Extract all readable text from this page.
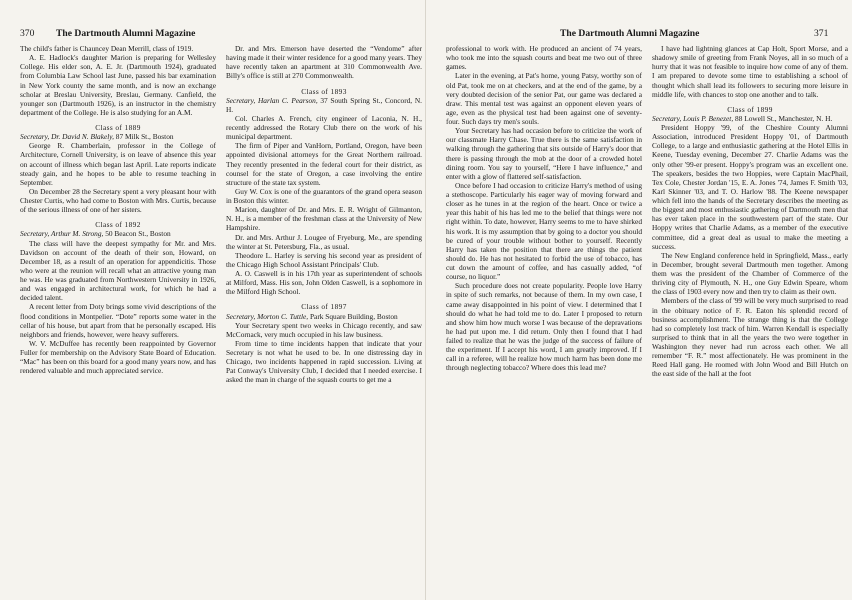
370 The Dartmouth Alumni Magazine

The child's father is Chauncey Dean Merrill, class of 1919.

A. E. Hadlock's daughter Marion is preparing for Wellesley College. His elder son, A. E. Jr. (Dartmouth 1924), graduated from Columbia Law School last June, passed his bar examination in New York county the same month, and is now an exchange scholar at Breslau University, Breslau, Germany. Canfield, the younger son (Dartmouth 1926), is an instructor in the chemistry department of the College. He is also studying for an A.M.

Class of 1889

Secretary, Dr. David N. Blakely, 87 Milk St., Boston

George R. Chamberlain, professor in the College of Architecture, Cornell University, is on leave of absence this year on account of illness which began last April. Late reports indicate steady gain, and he hopes to be able to resume teaching in September.

On December 28 the Secretary spent a very pleasant hour with Chester Curtis, who had come to Boston with Mrs. Curtis, because of the serious illness of one of her sisters.

Class of 1892

Secretary, Arthur M. Strong, 50 Beacon St., Boston

The class will have the deepest sympathy for Mr. and Mrs. Davidson on account of the death of their son, Howard, on December 18, as a result of an operation for appendicitis. Those who were at the reunion will recall what an attractive young man he was. He was graduated from Northwestern University in 1926, and was engaged in architectural work, for which he had a decided talent.

A recent letter from Doty brings some vivid descriptions of the flood conditions in Montpelier. “Dote” reports some water in the cellar of his house, but apart from that he personally escaped. His neighbors and friends, however, were heavy sufferers.

W. V. McDuffee has recently been reappointed by Governor Fuller for membership on the Advisory State Board of Education. “Mac” has been on this board for a good many years now, and has rendered valuable and much appreciated service.

Dr. and Mrs. Emerson have deserted the “Vendome” after having made it their winter residence for a good many years. They have recently taken an apartment at 310 Commonwealth Ave. Billy's office is still at 270 Commonwealth.

Class of 1893

Secretary, Harlan C. Pearson, 37 South Spring St., Concord, N. H.

Col. Charles A. French, city engineer of Laconia, N. H., recently addressed the Rotary Club there on the work of his municipal department.

The firm of Piper and VanHorn, Portland, Oregon, have been appointed divisional attorneys for the Great Northern railroad. They recently presented in the federal court for their district, as counsel for the state of Oregon, a case involving the entire structure of the state tax system.

Guy W. Cox is one of the guarantors of the grand opera season in Boston this winter.

Marion, daughter of Dr. and Mrs. E. R. Wright of Gilmanton, N. H., is a member of the freshman class at the University of New Hampshire.

Dr. and Mrs. Arthur J. Lougee of Fryeburg, Me., are spending the winter at St. Petersburg, Fla., as usual.

Theodore L. Harley is serving his second year as president of the Chicago High School Assistant Principals' Club.

A. O. Caswell is in his 17th year as superintendent of schools at Milford, Mass. His son, John Olden Caswell, is a sophomore in the Milford High School.

Class of 1897

Secretary, Morton C. Tuttle, Park Square Building, Boston

Your Secretary spent two weeks in Chicago recently, and saw McCornack, very much occupied in his law business.

From time to time incidents happen that indicate that your Secretary is not what he used to be. In one distressing day in Chicago, two incidents happened in rapid succession. Living at Pat Conway's University Club, I decided that I needed exercise. I asked the man in charge of the squash courts to get me a

The Dartmouth Alumni Magazine	371

professional to work with. He produced an ancient of 74 years, who took me into the squash courts and beat me two out of three games.

Later in the evening, at Pat's home, young Patsy, worthy son of old Pat, took me on at checkers, and at the end of the game, by a very doubted decision of the senior Pat, our game was declared a draw. This mental test was against an opponent eleven years of age, even as the physical test had been against one of seventy-four. Such days try men's souls.

Your Secretary has had occasion before to criticize the work of our classmate Harry Chase. True there is the same satisfaction in walking through the gathering that sits outside of Harry's door that there is passing through the mob at the door of a crowded hotel dining room. You say to yourself, “Here I have influence,” and enter with a glow of flattered self-satisfaction.

Once before I had occasion to criticize Harry's method of using a stethoscope. Particularly his eager way of moving forward and closer as he tunes in at the region of the heart. Once or twice a year this habit of his has led me to the belief that things were not right within. To date, however, Harry seems to me to have shirked his work. It is my assumption that by going to a doctor you should be cured of your trouble without bother to yourself. Recently Harry has taken the position that there are things the patient should do. He has not hesitated to forbid the use of tobacco, has cut down the amount of coffee, and has casually added, “of course, no liquor.”

Such procedure does not create popularity. People love Harry in spite of such remarks, not because of them. In my own case, I came away disappointed in his point of view. I determined that I should do what he had told me to do. Later I proposed to return and show him how much worse I was because of the depravations he had put upon me. I did return. Only then I found that I had failed to realize that he was the judge of the success of failure of the experiment. If I accept his word, I am greatly improved. If I call in a referee, will he realize how much harm has been done me through neglecting tobacco? Where does this lead me?

I have had lightning glances at Cap Holt, Sport Morse, and a shadowy smile of greeting from Frank Noyes, all in so much of a hurry that it was not feasible to inquire how come of any of them. I am prepared to devote some time to establishing a school of thought which shall lead its followers to securing more leisure in middle life, with chances to stop one another and to talk.

Class of 1899

Secretary, Louis P. Benezet, 88 Lowell St., Manchester, N. H.

President Hoppy '99, of the Cheshire County Alumni Association, introduced President Hoppy '01, of Dartmouth College, to a large and enthusiastic gathering at the Hotel Ellis in Keene, Tuesday evening, December 27. Charlie Adams was the only other '99-er present. Hoppy's program was an excellent one. The speakers, besides the two Hoppies, were Captain MacPhail, Tex Cole, Chester Jordan '15, E. A. Jones '74, James F. Smith '03, Karl Skinner '03, and T. O. Harlow '88. The Keene newspaper which fell into the hands of the Secretary describes the meeting as the biggest and most enthusiastic gathering of Dartmouth men that has ever taken place in the southwestern part of the state. Our Hoppy writes that Charlie Adams, as a member of the executive committee, did a great deal as usual to make the meeting a success.

The New England conference held in Springfield, Mass., early in December, brought several Dartmouth men together. Among them was the president of the Chamber of Commerce of the thriving city of Plymouth, N. H., one Guy Edwin Speare, whom the class of 1903 every now and then try to claim as their own.

Members of the class of '99 will be very much surprised to read in the obituary notice of F. R. Eaton his splendid record of business accomplishment. The strange thing is that the College had so completely lost track of him. Warren Kendall is especially surprised to think that in all the years the two were together in Washington they never had run across each other. We all remember “F. R.” most affectionately. He was prominent in the Reed Hall gang. He roomed with John Wood and Bill Hutch on the east side of the hall at the foot
